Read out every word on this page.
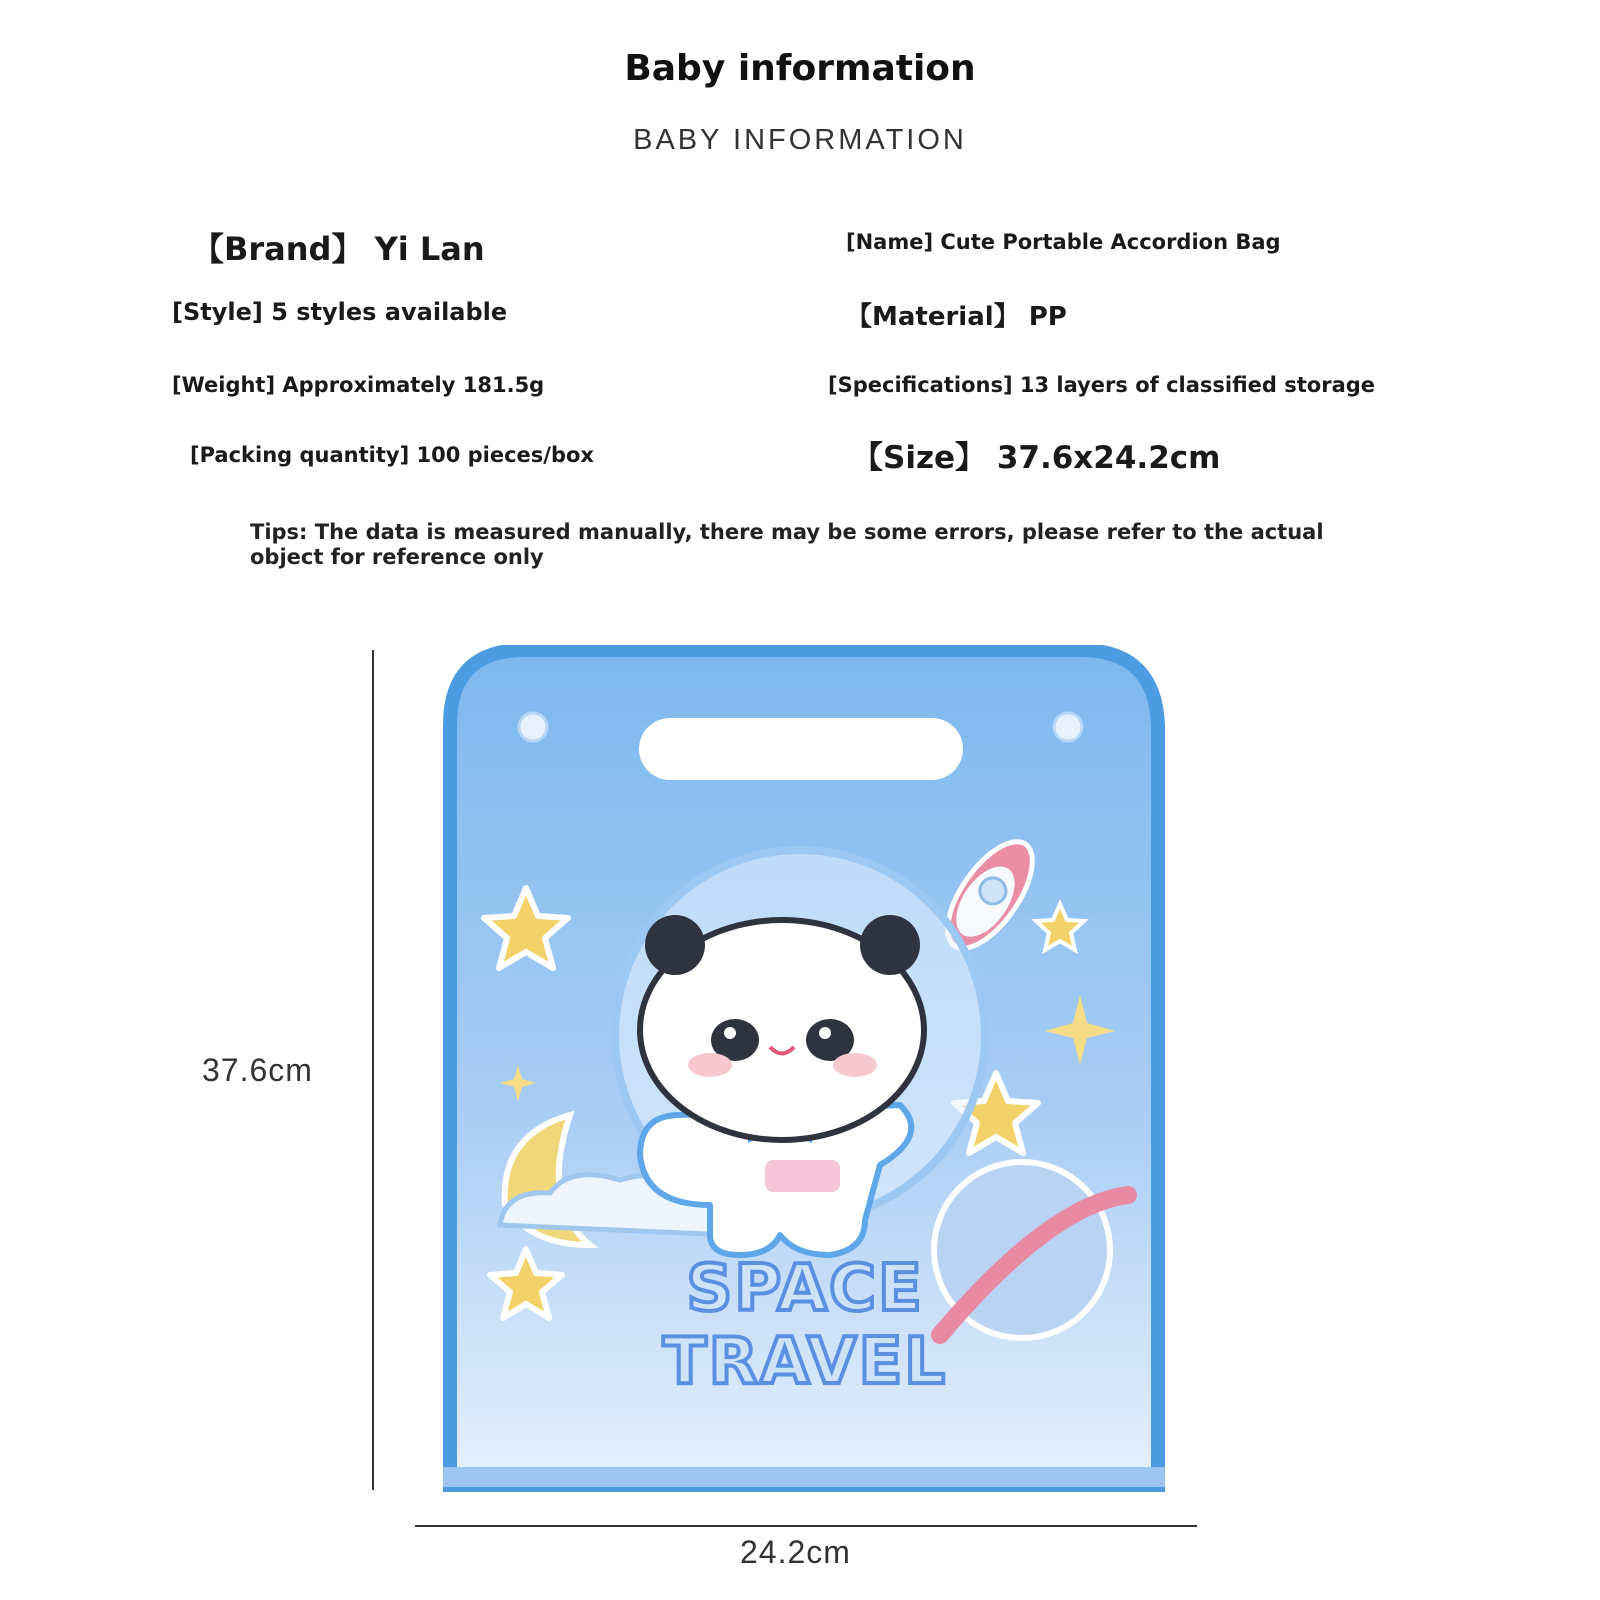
Baby information
BABY INFORMATION
【Brand】 Yi Lan	[Name] Cute Portable Accordion Bag
[Style] 5 styles available	【Material】 PP
[Weight] Approximately 181.5g	[Specifications] 13 layers of classified storage
[Packing quantity] 100 pieces/box	【Size】 37.6x24.2cm
Tips: The data is measured manually, there may be some errors, please refer to the actual object for reference only
37.6cm
24.2cm
SPACE
TRAVEL
